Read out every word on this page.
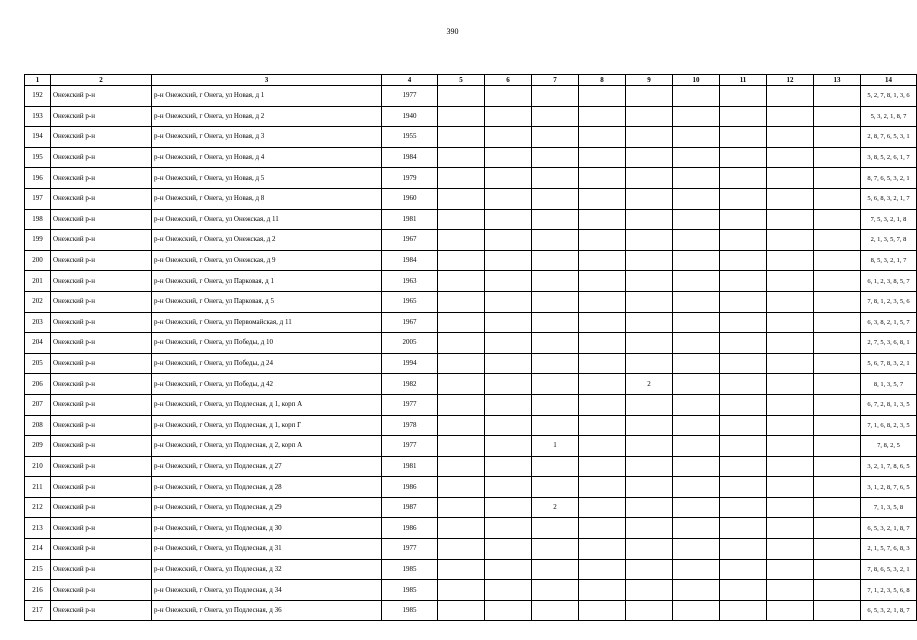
390
1	2	3	4	5	6	7	8	9	10	11	12	13	14
192	Онежский р-н	р-н Онежский, г Онега, ул Новая, д 1	1977										5, 2, 7, 8, 1, 3, 6
193	Онежский р-н	р-н Онежский, г Онега, ул Новая, д 2	1940										5, 3, 2, 1, 8, 7
194	Онежский р-н	р-н Онежский, г Онега, ул Новая, д 3	1955										2, 8, 7, 6, 5, 3, 1
195	Онежский р-н	р-н Онежский, г Онега, ул Новая, д 4	1984										3, 8, 5, 2, 6, 1, 7
196	Онежский р-н	р-н Онежский, г Онега, ул Новая, д 5	1979										8, 7, 6, 5, 3, 2, 1
197	Онежский р-н	р-н Онежский, г Онега, ул Новая, д 8	1960										5, 6, 8, 3, 2, 1, 7
198	Онежский р-н	р-н Онежский, г Онега, ул Онежская, д 11	1981										7, 5, 3, 2, 1, 8
199	Онежский р-н	р-н Онежский, г Онега, ул Онежская, д 2	1967										2, 1, 3, 5, 7, 8
200	Онежский р-н	р-н Онежский, г Онега, ул Онежская, д 9	1984										8, 5, 3, 2, 1, 7
201	Онежский р-н	р-н Онежский, г Онега, ул Парковая, д 1	1963										6, 1, 2, 3, 8, 5, 7
202	Онежский р-н	р-н Онежский, г Онега, ул Парковая, д 5	1965										7, 8, 1, 2, 3, 5, 6
203	Онежский р-н	р-н Онежский, г Онега, ул Первомайская, д 11	1967										6, 3, 8, 2, 1, 5, 7
204	Онежский р-н	р-н Онежский, г Онега, ул Победы, д 10	2005										2, 7, 5, 3, 6, 8, 1
205	Онежский р-н	р-н Онежский, г Онега, ул Победы, д 24	1994										5, 6, 7, 8, 3, 2, 1
206	Онежский р-н	р-н Онежский, г Онега, ул Победы, д 42	1982					2					8, 1, 3, 5, 7
207	Онежский р-н	р-н Онежский, г Онега, ул Подлесная, д 1, корп А	1977										6, 7, 2, 8, 1, 3, 5
208	Онежский р-н	р-н Онежский, г Онега, ул Подлесная, д 1, корп Г	1978										7, 1, 6, 8, 2, 3, 5
209	Онежский р-н	р-н Онежский, г Онега, ул Подлесная, д 2, корп А	1977			1							7, 8, 2, 5
210	Онежский р-н	р-н Онежский, г Онега, ул Подлесная, д 27	1981										3, 2, 1, 7, 8, 6, 5
211	Онежский р-н	р-н Онежский, г Онега, ул Подлесная, д 28	1986										3, 1, 2, 8, 7, 6, 5
212	Онежский р-н	р-н Онежский, г Онега, ул Подлесная, д 29	1987			2							7, 1, 3, 5, 8
213	Онежский р-н	р-н Онежский, г Онега, ул Подлесная, д 30	1986										6, 5, 3, 2, 1, 8, 7
214	Онежский р-н	р-н Онежский, г Онега, ул Подлесная, д 31	1977										2, 1, 5, 7, 6, 8, 3
215	Онежский р-н	р-н Онежский, г Онега, ул Подлесная, д 32	1985										7, 8, 6, 5, 3, 2, 1
216	Онежский р-н	р-н Онежский, г Онега, ул Подлесная, д 34	1985										7, 1, 2, 3, 5, 6, 8
217	Онежский р-н	р-н Онежский, г Онега, ул Подлесная, д 36	1985										6, 5, 3, 2, 1, 8, 7
